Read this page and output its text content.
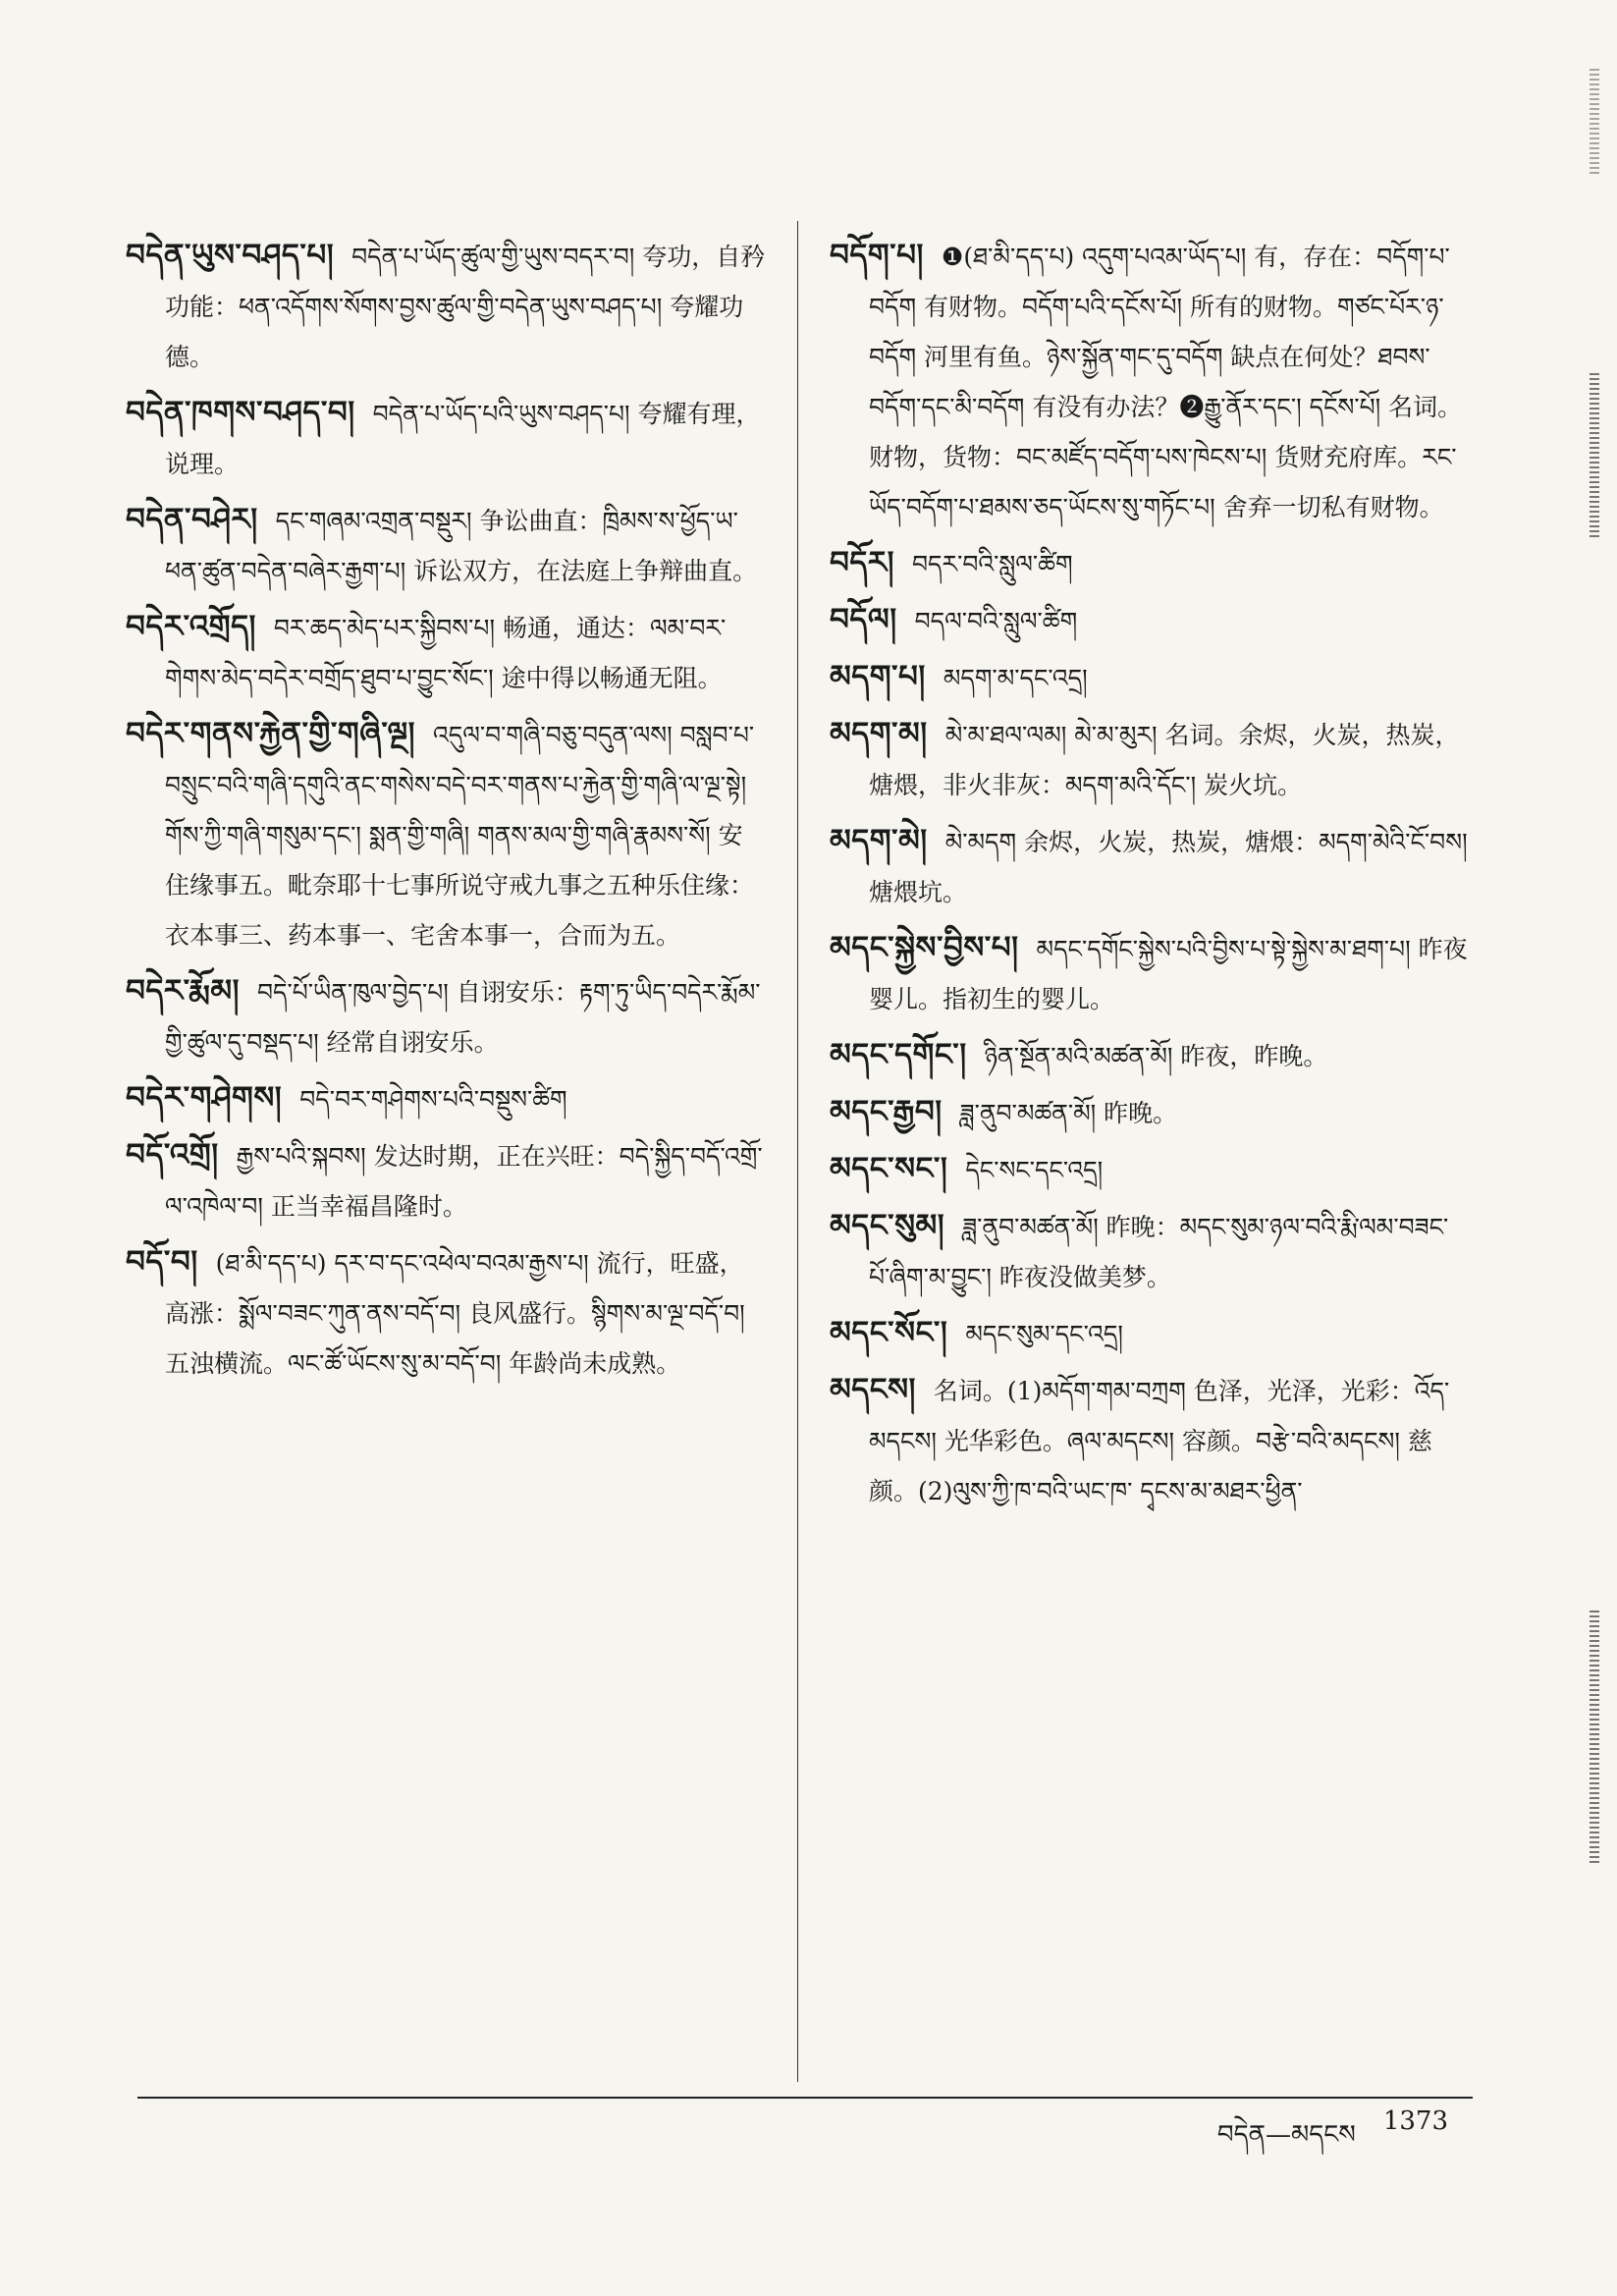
བདེན་ཡུས་བཤད་པ། བདེན་པ་ཡོད་ཚུལ་གྱི་ཡུས་བདར་བ། 夸功，自矜功能：ཕན་འདོགས་སོགས་བྱས་ཚུལ་གྱི་བདེན་ཡུས་བཤད་པ། 夸耀功德。

བདེན་ཁགས་བཤད་བ། བདེན་པ་ཡོད་པའི་ཡུས་བཤད་པ། 夸耀有理，说理。

བདེན་བཤེར། དང་གཞམ་འགྲན་བསྡུར། 争讼曲直：ཁྲིམས་ས་ཕྱོད་ཡ་ཕན་ཚུན་བདེན་བཞེར་རྒྱག་པ། 诉讼双方，在法庭上争辩曲直。

བདེར་འགྲོད། བར་ཆད་མེད་པར་སྐྱིབས་པ། 畅通，通达：ལམ་བར་གེགས་མེད་བདེར་བགྲོད་ཐུབ་པ་བྱུང་སོང་། 途中得以畅通无阻。

བདེར་གནས་རྐྱེན་གྱི་གཞི་ལྔ། འདུལ་བ་གཞི་བཅུ་བདུན་ལས། བསླབ་པ་བསྲུང་བའི་གཞི་དགུའི་ནང་གསེས་བདེ་བར་གནས་པ་རྐྱེན་གྱི་གཞི་ལ་ལྔ་སྟེ། གོས་ཀྱི་གཞི་གསུམ་དང་། སྨན་གྱི་གཞི། གནས་མལ་གྱི་གཞི་རྣམས་སོ། 安住缘事五。毗奈耶十七事所说守戒九事之五种乐住缘：衣本事三、药本事一、宅舍本事一，合而为五。

བདེར་རྨོམ། བདེ་པོ་ཡིན་ཁུལ་བྱེད་པ། 自诩安乐：རྟག་ཏུ་ཡིད་བདེར་རྨོམ་གྱི་ཚུལ་དུ་བསྡད་པ། 经常自诩安乐。

བདེར་གཤེགས། བདེ་བར་གཤེགས་པའི་བསྡུས་ཚིག

བདོ་འགྲོ། རྒྱས་པའི་སྐབས། 发达时期，正在兴旺：བདེ་སྐྱིད་བདོ་འགྲོ་ལ་འཁེལ་བ། 正当幸福昌隆时。

བདོ་བ། (ཐ་མི་དད་པ) དར་བ་དང་འཕེལ་བའམ་རྒྱས་པ། 流行，旺盛，高涨：སྨོལ་བཟང་ཀུན་ནས་བདོ་བ། 良风盛行。སྙིགས་མ་ལྔ་བདོ་བ། 五浊横流。ལང་ཚོ་ཡོངས་སུ་མ་བདོ་བ། 年龄尚未成熟。

བདོག་པ། ❶(ཐ་མི་དད་པ) འདུག་པའམ་ཡོད་པ། 有，存在：བདོག་པ་བདོག 有财物。བདོག་པའི་དངོས་པོ། 所有的财物。གཙང་པོར་ཉ་བདོག 河里有鱼。ཉེས་སྐྱོན་གང་དུ་བདོག 缺点在何处？ཐབས་བདོག་དང་མི་བདོག 有没有办法？❷རྒྱུ་ནོར་དང་། དངོས་པོ། 名词。财物，货物：བང་མཛོད་བདོག་པས་ཁེངས་པ། 货财充府库。རང་ཡོད་བདོག་པ་ཐམས་ཅད་ཡོངས་སུ་གཏོང་པ། 舍弃一切私有财物。

བདོར། བདར་བའི་སླུལ་ཚིག

བདོལ། བདལ་བའི་སླུལ་ཚིག

མདག་པ། མདག་མ་དང་འདྲ།

མདག་མ། མེ་མ་ཐལ་ལམ། མེ་མ་མུར། 名词。余烬，火炭，热炭，煻煨，非火非灰：མདག་མའི་དོང་། 炭火坑。

མདག་མེ། མེ་མདག 余烬，火炭，热炭，煻煨：མདག་མེའི་ངོ་བས། 煻煨坑。

མདང་སྐྱེས་བྱིས་པ། མདང་དགོང་སྐྱེས་པའི་བྱིས་པ་སྟེ་སྐྱེས་མ་ཐག་པ། 昨夜婴儿。指初生的婴儿。

མདང་དགོང་། ཉིན་སྔོན་མའི་མཚན་མོ། 昨夜，昨晚。

མདང་རྒྱབ། ཟླ་ནུབ་མཚན་མོ། 昨晚。

མདང་སང་། དེང་སང་དང་འདྲ།

མདང་སུམ། ཟླ་ནུབ་མཚན་མོ། 昨晚：མདང་སུམ་ཉལ་བའི་རྨི་ལམ་བཟང་པོ་ཞིག་མ་བྱུང་། 昨夜没做美梦。

མདང་སོང་། མདང་སུམ་དང་འདྲ།

མདངས། 名词。(1)མདོག་གམ་བཀྲག 色泽，光泽，光彩：འོད་མདངས། 光华彩色。ཞལ་མདངས། 容颜。བརྩེ་བའི་མདངས། 慈颜。(2)ལུས་ཀྱི་ཁ་བའི་ཡང་ཁ་ དྭངས་མ་མཐར་ཕྱིན་

བདེན—མདངས 1373
